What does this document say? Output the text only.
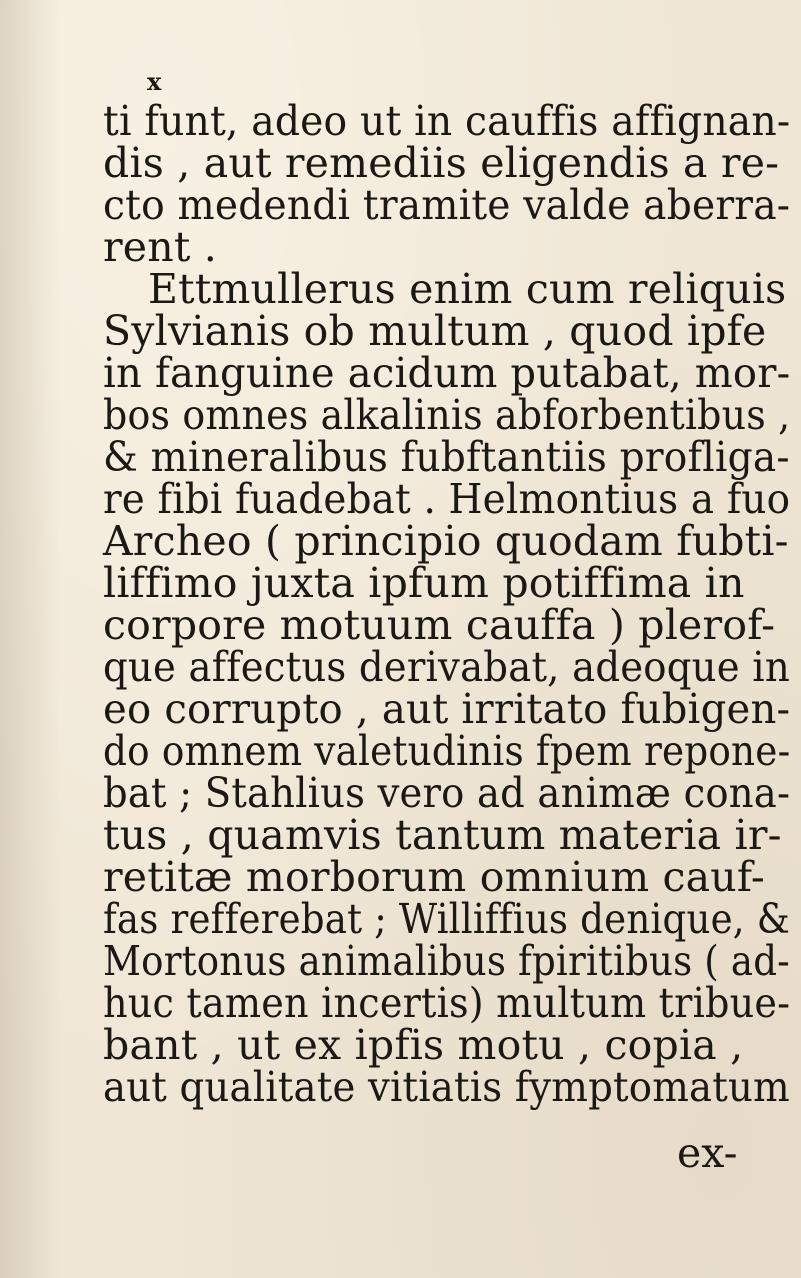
x
ti funt, adeo ut in cauffis affignan-
dis , aut remediis eligendis a re-
cto medendi tramite valde aberra-
rent .
Ettmullerus enim cum reliquis
Sylvianis ob multum , quod ipfe
in fanguine acidum putabat, mor-
bos omnes alkalinis abforbentibus ,
& mineralibus fubftantiis profliga-
re fibi fuadebat . Helmontius a fuo
Archeo ( principio quodam fubti-
liffimo juxta ipfum potiffima in
corpore motuum cauffa ) plerof-
que affectus derivabat, adeoque in
eo corrupto , aut irritato fubigen-
do omnem valetudinis fpem repone-
bat ; Stahlius vero ad animæ cona-
tus , quamvis tantum materia ir-
retitæ morborum omnium cauf-
fas refferebat ; Williffius denique, &
Mortonus animalibus fpiritibus ( ad-
huc tamen incertis) multum tribue-
bant , ut ex ipfis motu , copia ,
aut qualitate vitiatis fymptomatum
ex-
